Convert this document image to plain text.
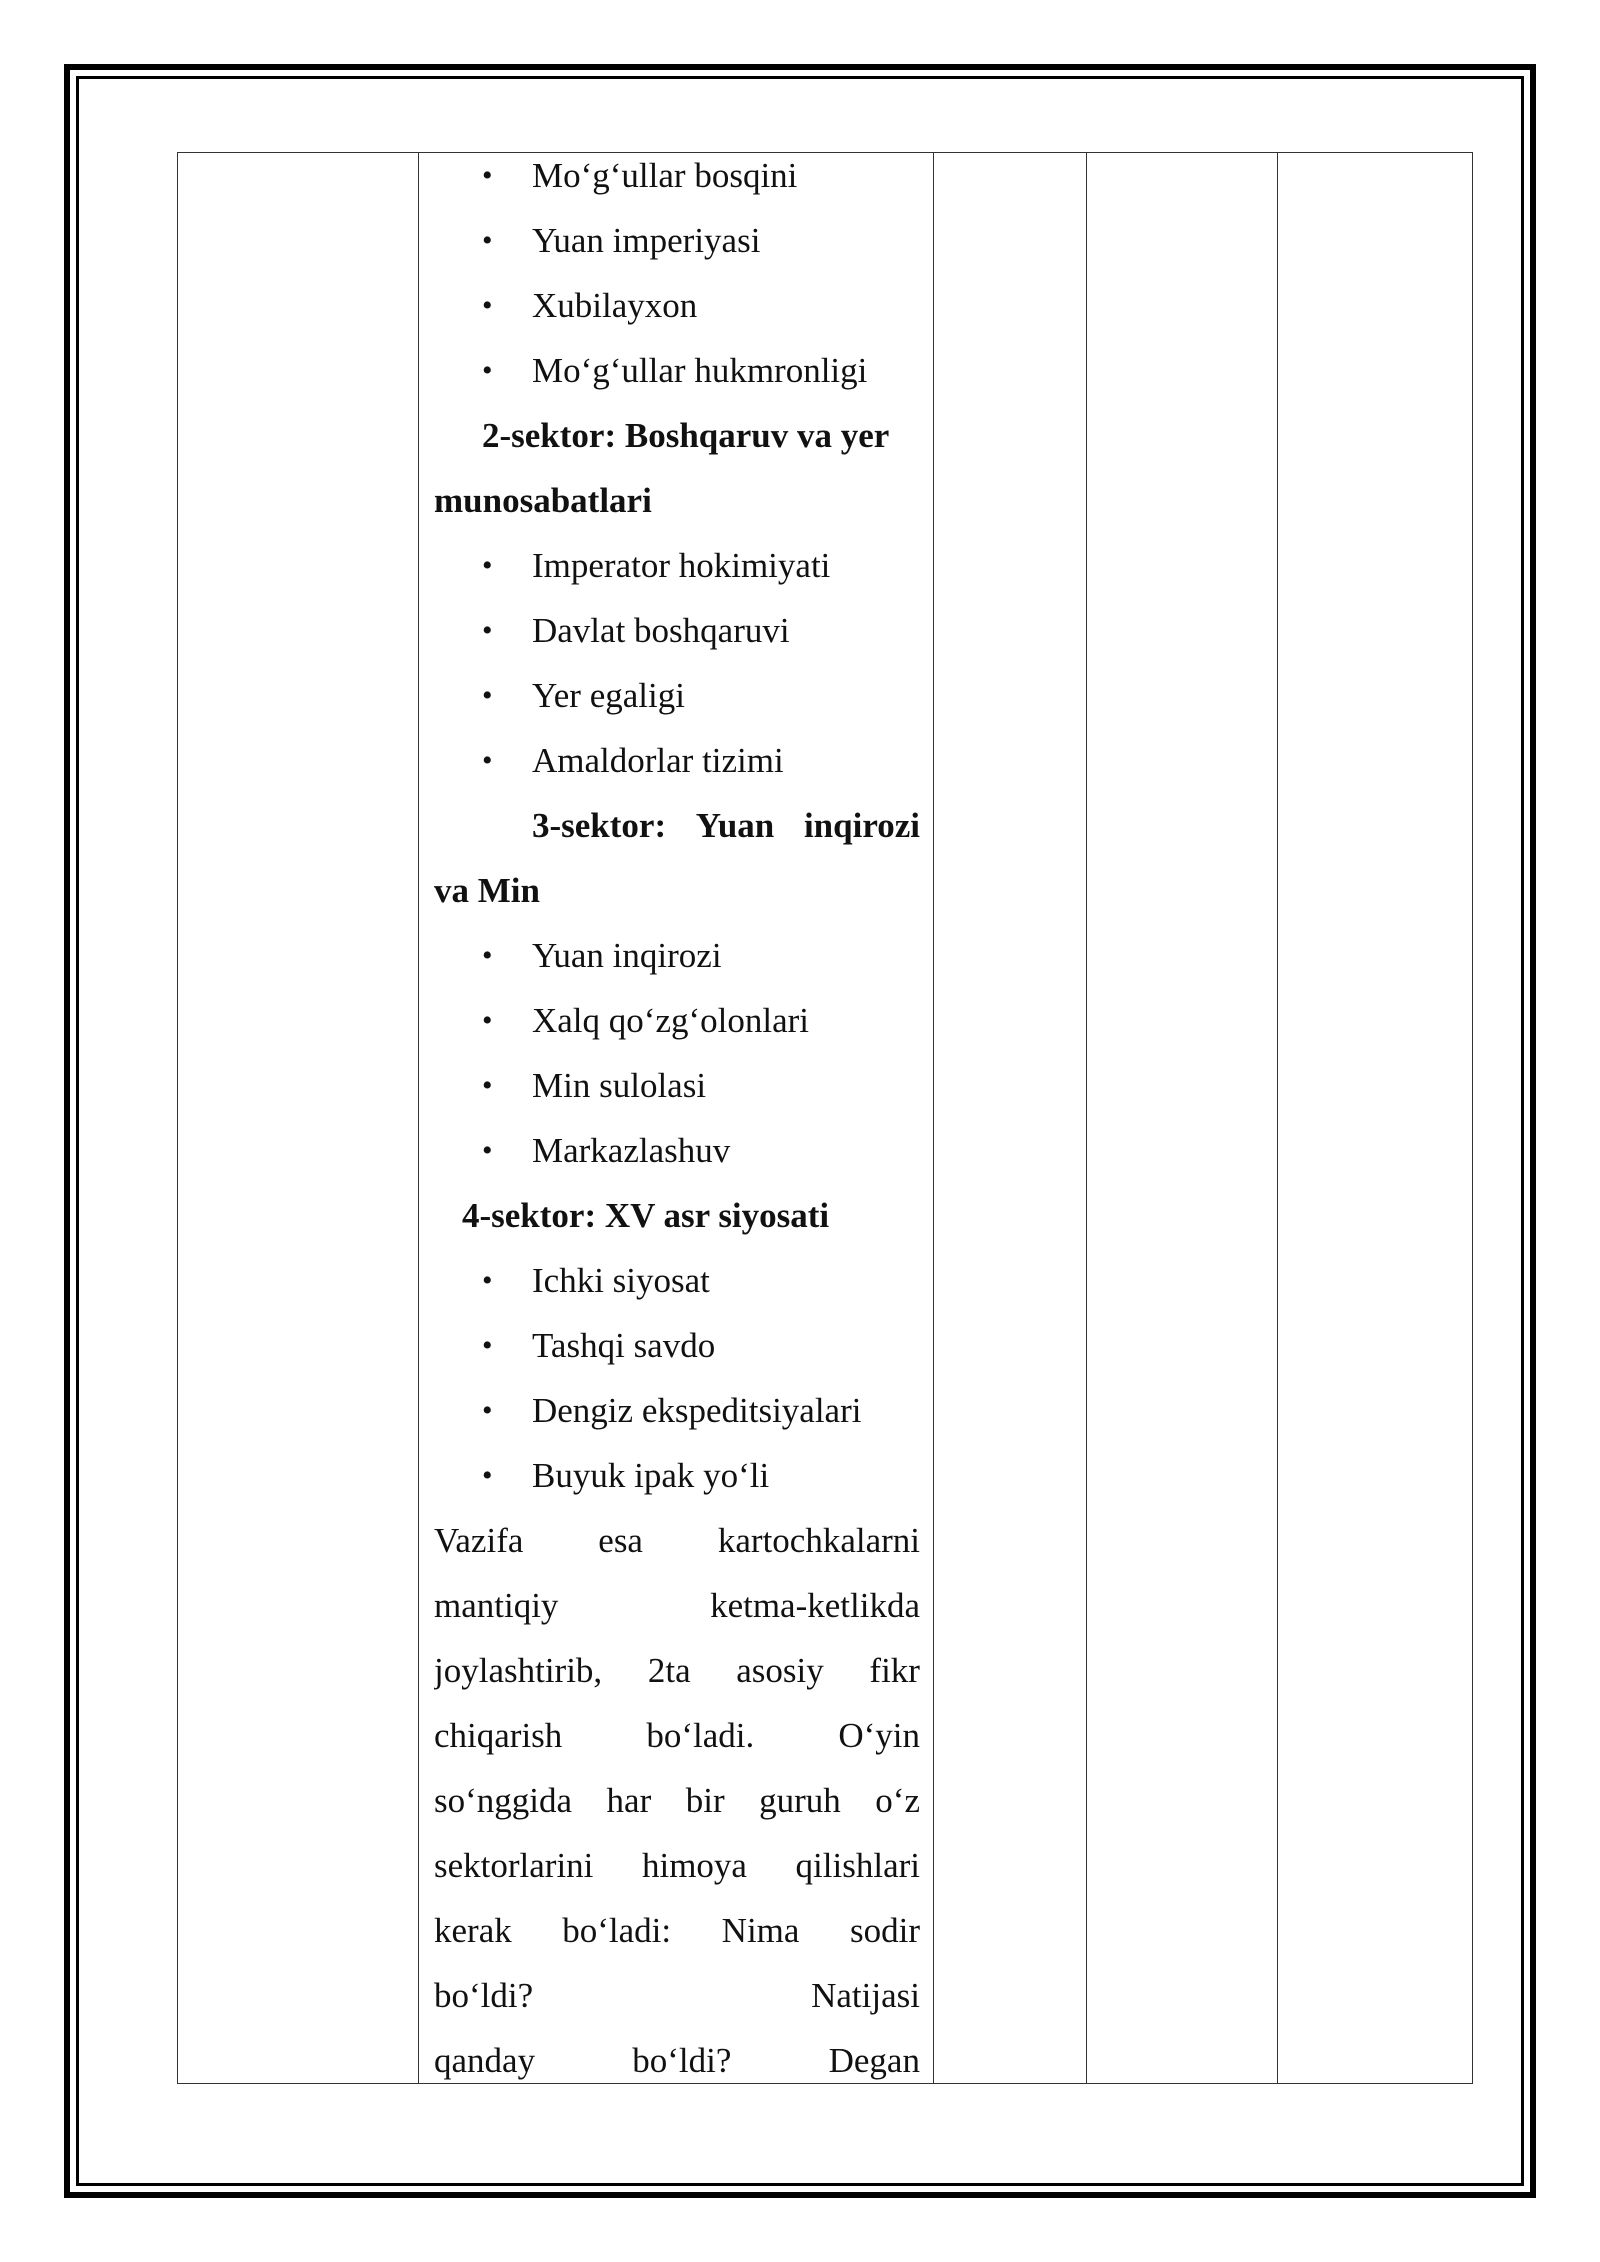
• Mo‘g‘ullar bosqini
• Yuan imperiyasi
• Xubilayxon
• Mo‘g‘ullar hukmronligi
2-sektor: Boshqaruv va yer
munosabatlari
• Imperator hokimiyati
• Davlat boshqaruvi
• Yer egaligi
• Amaldorlar tizimi
3-sektor: Yuan inqirozi
va Min
• Yuan inqirozi
• Xalq qo‘zg‘olonlari
• Min sulolasi
• Markazlashuv
4-sektor: XV asr siyosati
• Ichki siyosat
• Tashqi savdo
• Dengiz ekspeditsiyalari
• Buyuk ipak yo‘li
Vazifa esa kartochkalarni
mantiqiy	ketma-ketlikda
joylashtirib, 2ta asosiy fikr
chiqarish bo‘ladi. O‘yin
so‘nggida har bir guruh o‘z
sektorlarini himoya qilishlari
kerak bo‘ladi: Nima sodir
bo‘ldi?	Natijasi
qanday	bo‘ldi?	Degan
